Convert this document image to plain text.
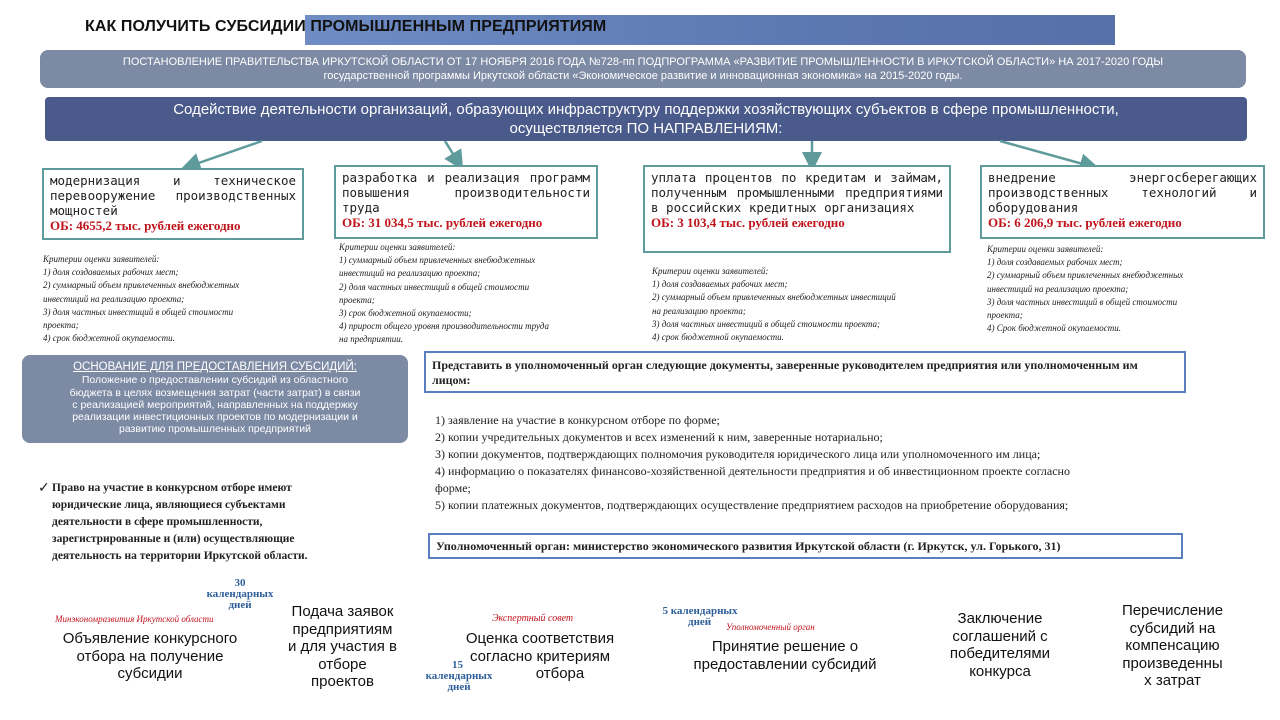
КАК ПОЛУЧИТЬ СУБСИДИИ ПРОМЫШЛЕННЫМ ПРЕДПРИЯТИЯМ
ПОСТАНОВЛЕНИЕ ПРАВИТЕЛЬСТВА ИРКУТСКОЙ ОБЛАСТИ ОТ 17 НОЯБРЯ 2016 ГОДА №728-пп ПОДПРОГРАММА «РАЗВИТИЕ ПРОМЫШЛЕННОСТИ В ИРКУТСКОЙ ОБЛАСТИ» НА 2017-2020 ГОДЫ
государственной программы Иркутской области «Экономическое развитие и инновационная экономика» на 2015-2020 годы.
Содействие деятельности организаций, образующих инфраструктуру поддержки хозяйствующих субъектов в сфере промышленности,
осуществляется ПО НАПРАВЛЕНИЯМ:
модернизация и техническое перевооружение производственных мощностей
ОБ: 4655,2 тыс. рублей ежегодно
разработка и реализация программ повышения производительности труда
ОБ: 31 034,5 тыс. рублей ежегодно
уплата процентов по кредитам и займам, полученным промышленными предприятиями в российских кредитных организациях
ОБ: 3 103,4 тыс. рублей ежегодно
внедрение энергосберегающих производственных технологий и оборудования
ОБ: 6 206,9 тыс. рублей ежегодно
Критерии оценки заявителей:
1) доля создаваемых рабочих мест;
2) суммарный объем привлеченных внебюджетных
инвестиций на реализацию проекта;
3) доля частных инвестиций в общей стоимости
проекта;
4) срок бюджетной окупаемости.
Критерии оценки заявителей:
1) суммарный объем привлеченных внебюджетных
инвестиций на реализацию проекта;
2) доля частных инвестиций в общей стоимости
проекта;
3) срок бюджетной окупаемости;
4) прирост общего уровня производительности труда
на предприятии.
Критерии оценки заявителей:
1) доля создаваемых рабочих мест;
2) суммарный объем привлеченных внебюджетных инвестиций
на реализацию проекта;
3) доля частных инвестиций в общей стоимости проекта;
4) срок бюджетной окупаемости.
Критерии оценки заявителей:
1) доля создаваемых рабочих мест;
2) суммарный объем привлеченных внебюджетных
инвестиций на реализацию проекта;
3) доля частных инвестиций в общей стоимости
проекта;
4) Срок бюджетной окупаемости.
ОСНОВАНИЕ ДЛЯ ПРЕДОСТАВЛЕНИЯ СУБСИДИЙ:
Положение о предоставлении субсидий из областного
бюджета в целях возмещения затрат (части затрат) в связи
с реализацией мероприятий, направленных на поддержку
реализации инвестиционных проектов по модернизации и
развитию промышленных предприятий
✓ Право на участие в конкурсном отборе имеют
юридические лица, являющиеся субъектами
деятельности в сфере промышленности,
зарегистрированные и (или) осуществляющие
деятельность на территории Иркутской области.
Представить в уполномоченный орган следующие документы, заверенные руководителем предприятия или уполномоченным им лицом:
1) заявление на участие в конкурсном отборе по форме;
2) копии учредительных документов и всех изменений к ним, заверенные нотариально;
3) копии документов, подтверждающих полномочия руководителя юридического лица или уполномоченного им лица;
4) информацию о показателях финансово-хозяйственной деятельности предприятия и об инвестиционном проекте согласно
форме;
5) копии платежных документов, подтверждающих осуществление предприятием расходов на приобретение оборудования;
Уполномоченный орган: министерство экономического развития Иркутской области (г. Иркутск, ул. Горького, 31)
Минэкономразвития Иркутской области
Объявление конкурсного
отбора на получение
субсидии
30
календарных
дней	Подача заявок
предприятиям
и для участия в
отборе
проектов
Экспертный совет
Оценка соответствия
согласно критериям
отбора
15
календарных
дней
5 календарных
дней	Уполномоченный орган
Принятие решение о
предоставлении субсидий
Заключение
соглашений с
победителями
конкурса
Перечисление
субсидий на
компенсацию
произведенны
х затрат
